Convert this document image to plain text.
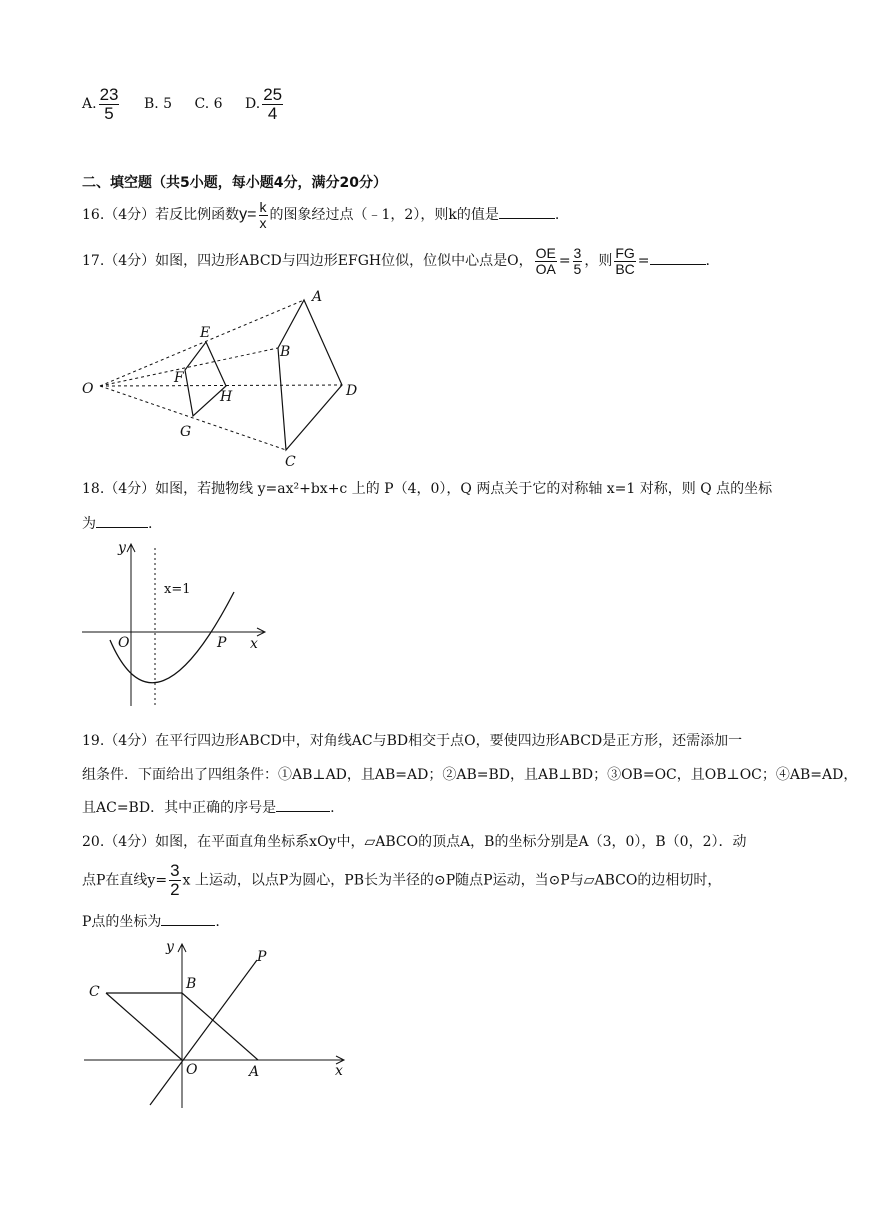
A. $\frac{23}{5}$
B.
5
C.
6
D. $\frac{25}{4}$
二、填空题（共5小题，每小题4分，满分20分）
16.（4分）若反比例函数$y= \frac{k}{x}$ 的图象经过点（﹣1，2），则k的值是	.
17.（4分）如图，四边形ABCD与四边形EFGH位似，位似中心点是O， $\frac{OE}{OA} = \frac{3}{5}$ ，则 $\frac{FG}{BC}$ =	.
A
B
C
D
E
F
G
H
O
18.（4分）如图，若抛物线 y=ax²+bx+c 上的 P（4，0），Q 两点关于它的对称轴 x=1 对称，则 Q 点的坐标
为	.
y
x
O	P
x=1
19.（4分）在平行四边形ABCD中，对角线AC与BD相交于点O，要使四边形ABCD是正方形，还需添加一
组条件．下面给出了四组条件：①AB⊥AD，且AB=AD；②AB=BD，且AB⊥BD；③OB=OC，且OB⊥OC；④AB=AD，
且AC=BD．其中正确的序号是	.
20.（4分）如图，在平面直角坐标系xOy中，▱ABCO的顶点A，B的坐标分别是A（3，0），B（0，2）．动
点P在直线$y= \frac{3}{2}$ x 上运动，以点P为圆心，PB长为半径的⊙P随点P运动，当⊙P与▱ABCO的边相切时，
P点的坐标为	.
y
x
O	A
B
C
P
